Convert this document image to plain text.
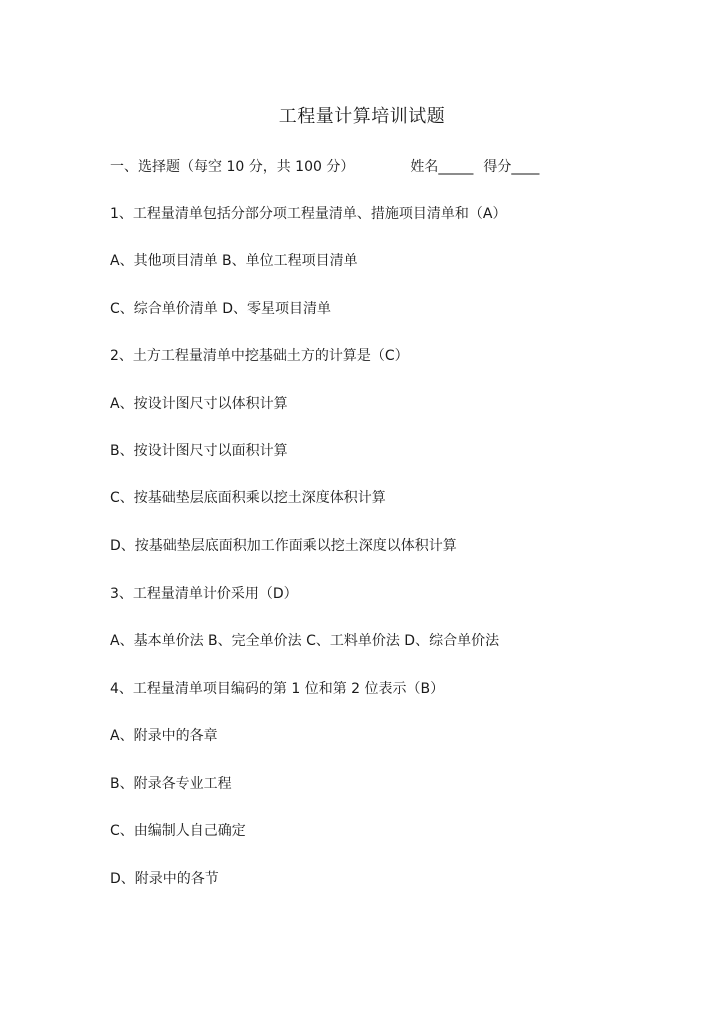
工程量计算培训试题
一、选择题（每空 10 分，共 100 分）	姓名_____ 得分____
1、工程量清单包括分部分项工程量清单、措施项目清单和（A）
A、其他项目清单 B、单位工程项目清单
C、综合单价清单 D、零星项目清单
2、土方工程量清单中挖基础土方的计算是（C）
A、按设计图尺寸以体积计算
B、按设计图尺寸以面积计算
C、按基础垫层底面积乘以挖土深度体积计算
D、按基础垫层底面积加工作面乘以挖土深度以体积计算
3、工程量清单计价采用（D）
A、基本单价法 B、完全单价法 C、工料单价法 D、综合单价法
4、工程量清单项目编码的第 1 位和第 2 位表示（B）
A、附录中的各章
B、附录各专业工程
C、由编制人自己确定
D、附录中的各节
